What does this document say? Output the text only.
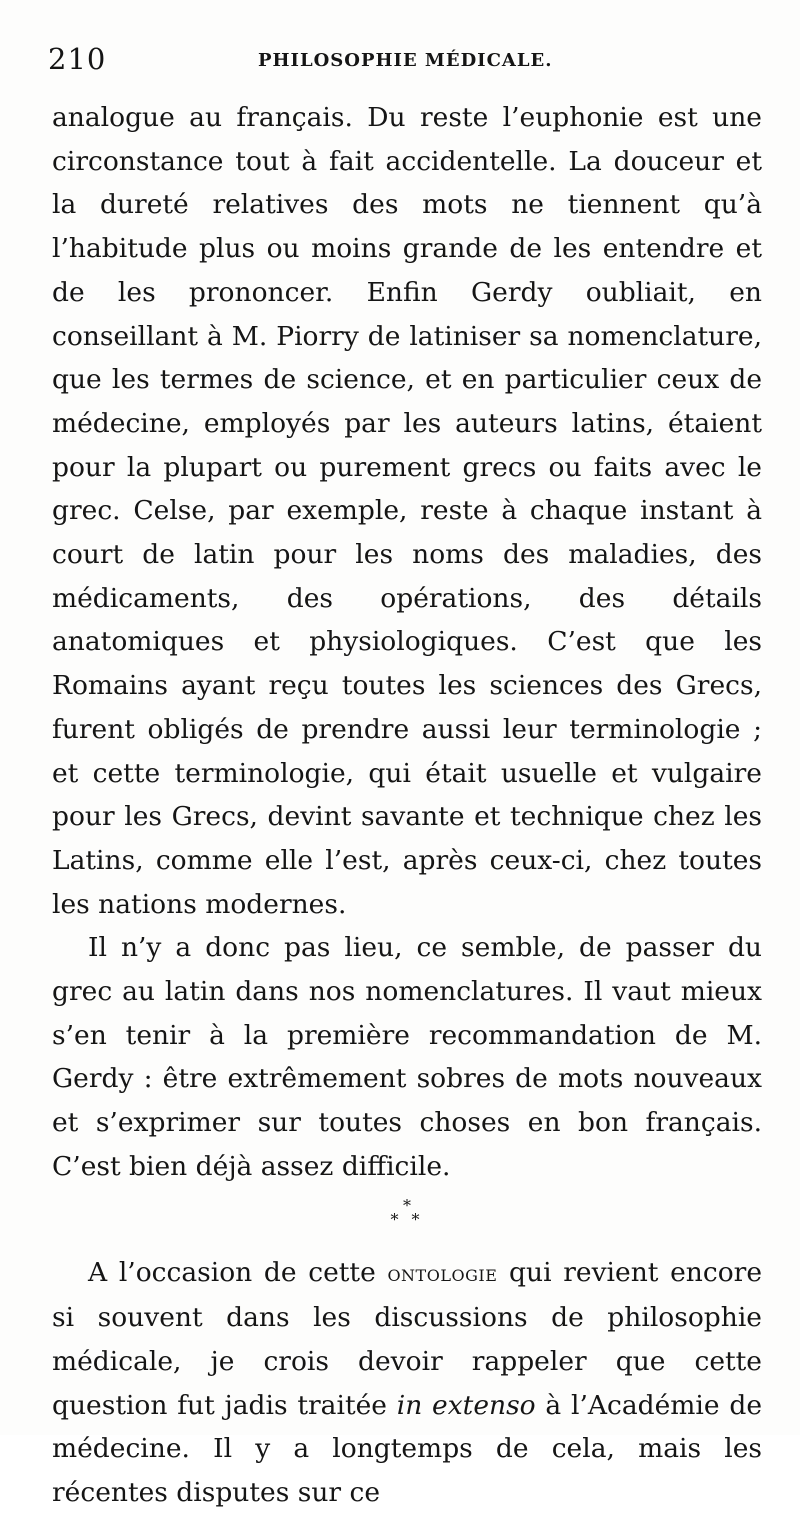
210	PHILOSOPHIE MÉDICALE.

analogue au français. Du reste l’euphonie est une circonstance tout à fait accidentelle. La douceur et la dureté relatives des mots ne tiennent qu’à l’habitude plus ou moins grande de les entendre et de les prononcer. Enfin Gerdy oubliait, en conseillant à M. Piorry de latiniser sa nomenclature, que les termes de science, et en particulier ceux de médecine, employés par les auteurs latins, étaient pour la plupart ou purement grecs ou faits avec le grec. Celse, par exemple, reste à chaque instant à court de latin pour les noms des maladies, des médicaments, des opérations, des détails anatomiques et physiologiques. C’est que les Romains ayant reçu toutes les sciences des Grecs, furent obligés de prendre aussi leur terminologie ; et cette terminologie, qui était usuelle et vulgaire pour les Grecs, devint savante et technique chez les Latins, comme elle l’est, après ceux-ci, chez toutes les nations modernes.

Il n’y a donc pas lieu, ce semble, de passer du grec au latin dans nos nomenclatures. Il vaut mieux s’en tenir à la première recommandation de M. Gerdy : être extrêmement sobres de mots nouveaux et s’exprimer sur toutes choses en bon français. C’est bien déjà assez difficile.

*
* *

A l’occasion de cette ontologie qui revient encore si souvent dans les discussions de philosophie médicale, je crois devoir rappeler que cette question fut jadis traitée in extenso à l’Académie de médecine. Il y a longtemps de cela, mais les récentes disputes sur ce
